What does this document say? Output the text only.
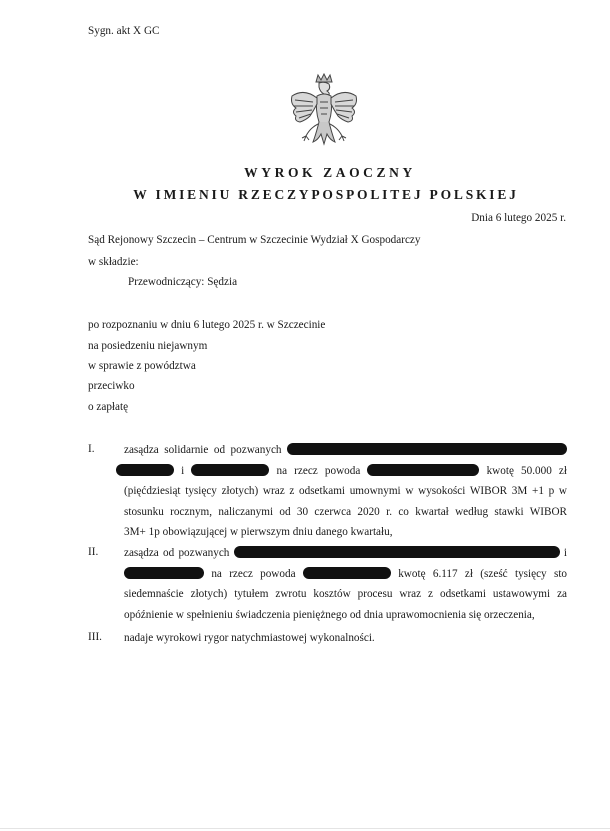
Sygn. akt X GC
WYROK ZAOCZNY
W IMIENIU RZECZYPOSPOLITEJ POLSKIEJ
Dnia 6 lutego 2025 r.
Sąd Rejonowy Szczecin – Centrum w Szczecinie Wydział X Gospodarczy
w składzie:
Przewodniczący: Sędzia
po rozpoznaniu w dniu 6 lutego 2025 r. w Szczecinie
na posiedzeniu niejawnym
w sprawie z powództwa
przeciwko
o zapłatę
I.	zasądza solidarnie od pozwanych
i	na rzecz powoda	kwotę 50.000 zł
(pięćdziesiąt tysięcy złotych) wraz z odsetkami umownymi w wysokości WIBOR 3M +1 p w
stosunku rocznym, naliczanymi od 30 czerwca 2020 r. co kwartał według stawki WIBOR
3M+ 1p obowiązującej w pierwszym dniu danego kwartału,
II. zasądza od pozwanych	i
na rzecz powoda	kwotę 6.117 zł (sześć tysięcy sto
siedemnaście złotych) tytułem zwrotu kosztów procesu wraz z odsetkami ustawowymi za
opóźnienie w spełnieniu świadczenia pieniężnego od dnia uprawomocnienia się orzeczenia,
III. nadaje wyrokowi rygor natychmiastowej wykonalności.
